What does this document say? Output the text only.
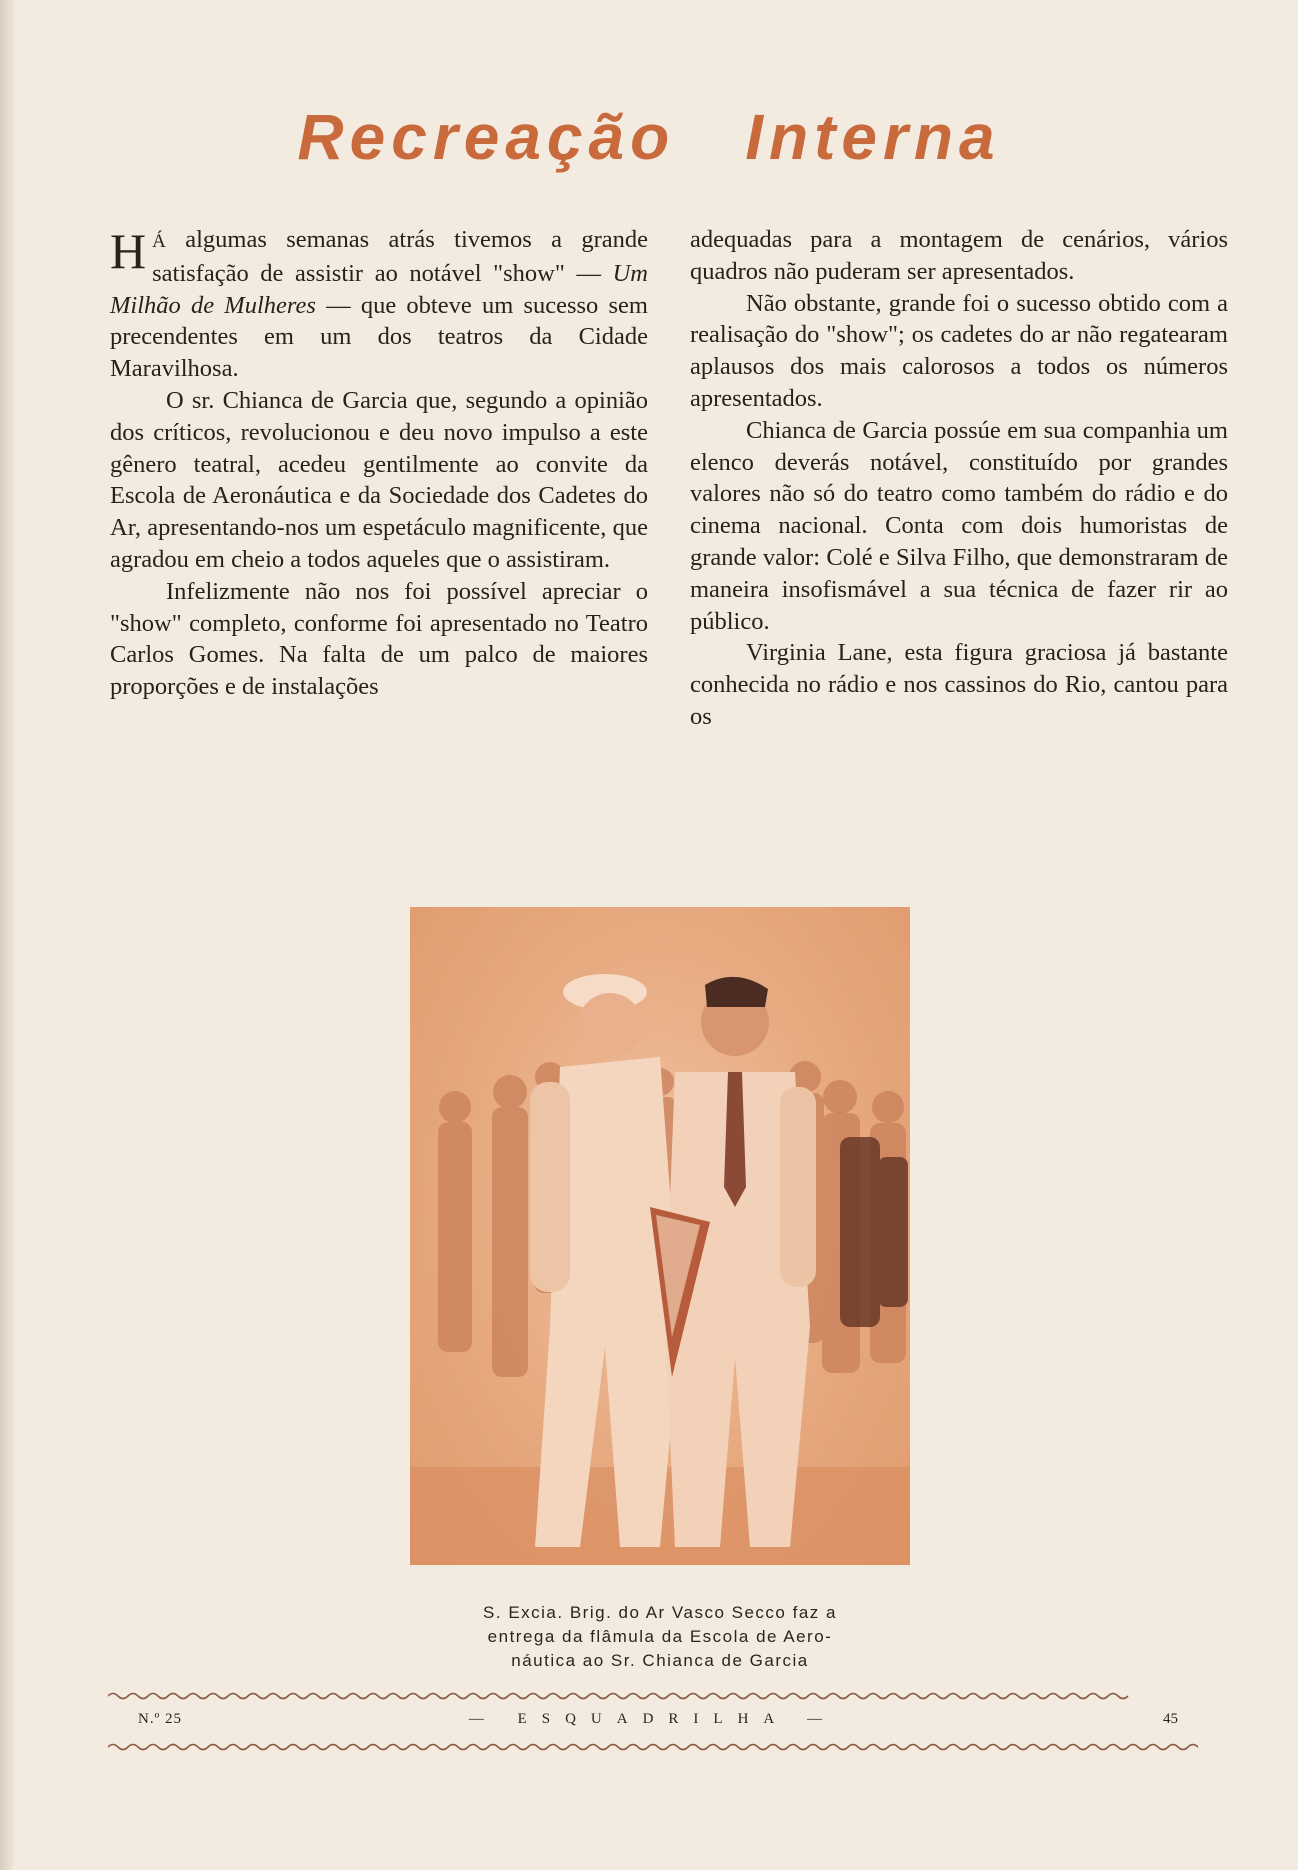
Recreação Interna

H Á algumas semanas atrás tivemos a grande satisfação de assistir ao notável "show" — Um Milhão de Mulheres — que obteve um sucesso sem precendentes em um dos teatros da Cidade Maravilhosa.

O sr. Chianca de Garcia que, segundo a opinião dos críticos, revolucionou e deu novo impulso a este gênero teatral, acedeu gentilmente ao convite da Escola de Aeronáutica e da Sociedade dos Cadetes do Ar, apresentando-nos um espetáculo magnificente, que agradou em cheio a todos aqueles que o assistiram.

Infelizmente não nos foi possível apreciar o "show" completo, conforme foi apresentado no Teatro Carlos Gomes. Na falta de um palco de maiores proporções e de instalações

adequadas para a montagem de cenários, vários quadros não puderam ser apresentados.

Não obstante, grande foi o sucesso obtido com a realisação do "show"; os cadetes do ar não regatearam aplausos dos mais calorosos a todos os números apresentados.

Chianca de Garcia possúe em sua companhia um elenco deverás notável, constituído por grandes valores não só do teatro como também do rádio e do cinema nacional. Conta com dois humoristas de grande valor: Colé e Silva Filho, que demonstraram de maneira insofismável a sua técnica de fazer rir ao público.

Virginia Lane, esta figura graciosa já bastante conhecida no rádio e nos cassinos do Rio, cantou para os

S. Excia. Brig. do Ar Vasco Secco faz a

entrega da flâmula da Escola de Aero-

náutica ao Sr. Chianca de Garcia

N.º 25	— ESQUADRILHA —	45
